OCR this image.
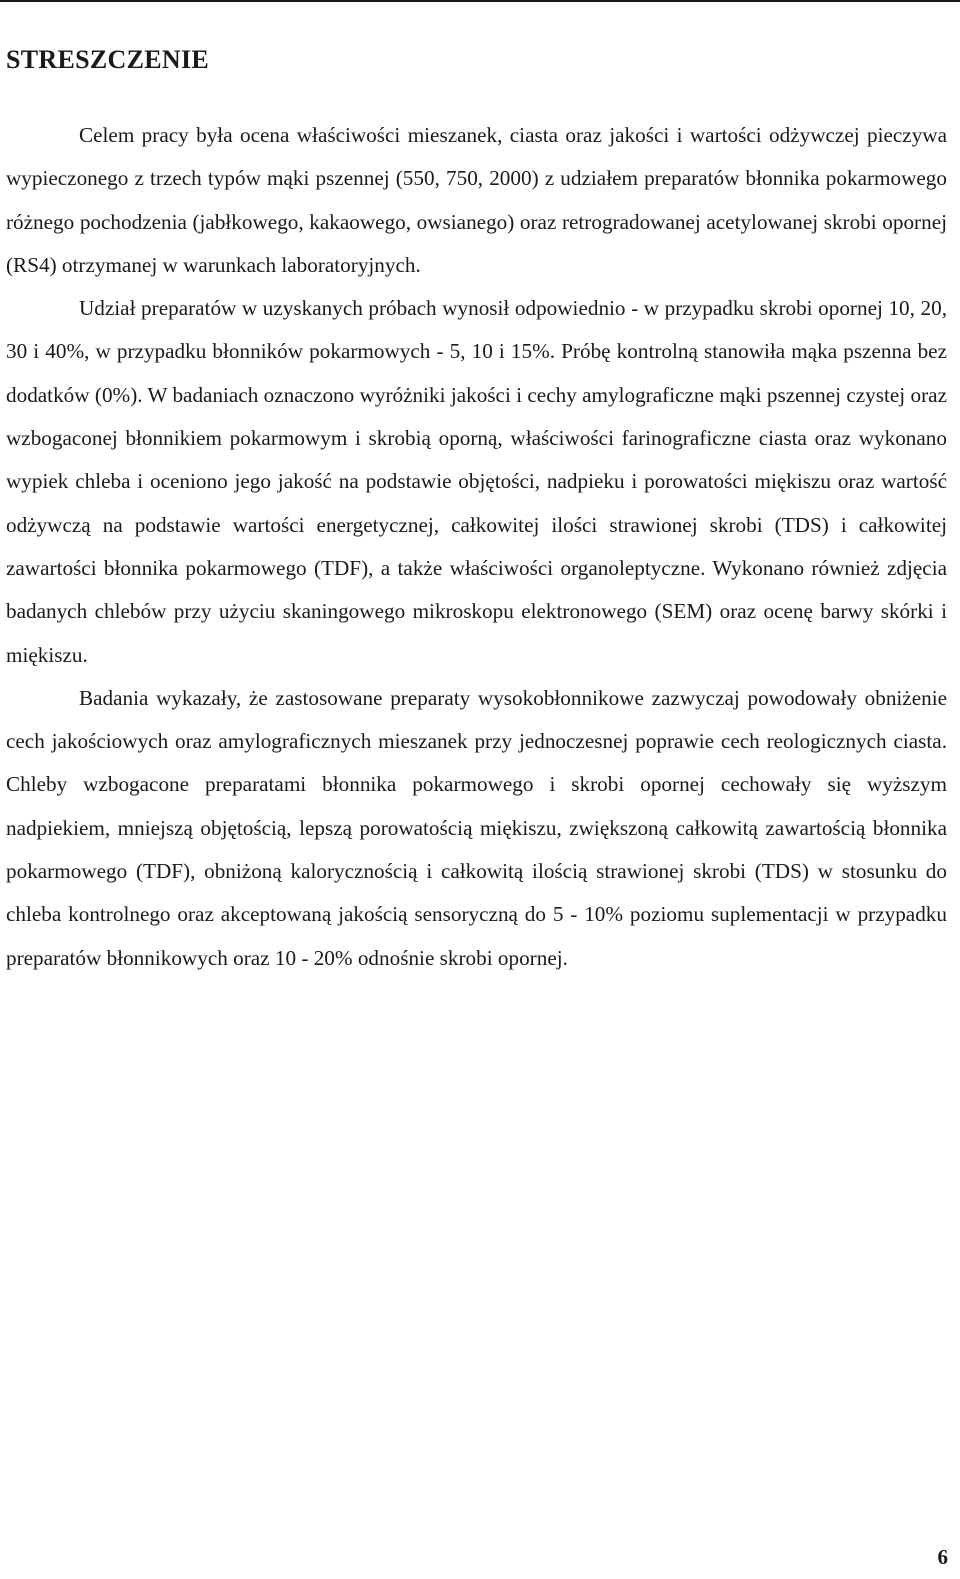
STRESZCZENIE

Celem pracy była ocena właściwości mieszanek, ciasta oraz jakości i wartości odżywczej pieczywa wypieczonego z trzech typów mąki pszennej (550, 750, 2000) z udziałem preparatów błonnika pokarmowego różnego pochodzenia (jabłkowego, kakaowego, owsianego) oraz retrogradowanej acetylowanej skrobi opornej (RS4) otrzymanej w warunkach laboratoryjnych.

Udział preparatów w uzyskanych próbach wynosił odpowiednio - w przypadku skrobi opornej 10, 20, 30 i 40%, w przypadku błonników pokarmowych - 5, 10 i 15%. Próbę kontrolną stanowiła mąka pszenna bez dodatków (0%). W badaniach oznaczono wyróżniki jakości i cechy amylograficzne mąki pszennej czystej oraz wzbogaconej błonnikiem pokarmowym i skrobią oporną, właściwości farinograficzne ciasta oraz wykonano wypiek chleba i oceniono jego jakość na podstawie objętości, nadpieku i porowatości miękiszu oraz wartość odżywczą na podstawie wartości energetycznej, całkowitej ilości strawionej skrobi (TDS) i całkowitej zawartości błonnika pokarmowego (TDF), a także właściwości organoleptyczne. Wykonano również zdjęcia badanych chlebów przy użyciu skaningowego mikroskopu elektronowego (SEM) oraz ocenę barwy skórki i miękiszu.

Badania wykazały, że zastosowane preparaty wysokobłonnikowe zazwyczaj powodowały obniżenie cech jakościowych oraz amylograficznych mieszanek przy jednoczesnej poprawie cech reologicznych ciasta. Chleby wzbogacone preparatami błonnika pokarmowego i skrobi opornej cechowały się wyższym nadpiekiem, mniejszą objętością, lepszą porowatością miękiszu, zwiększoną całkowitą zawartością błonnika pokarmowego (TDF), obniżoną kalorycznością i całkowitą ilością strawionej skrobi (TDS) w stosunku do chleba kontrolnego oraz akceptowaną jakością sensoryczną do 5 - 10% poziomu suplementacji w przypadku preparatów błonnikowych oraz 10 - 20% odnośnie skrobi opornej.

6
